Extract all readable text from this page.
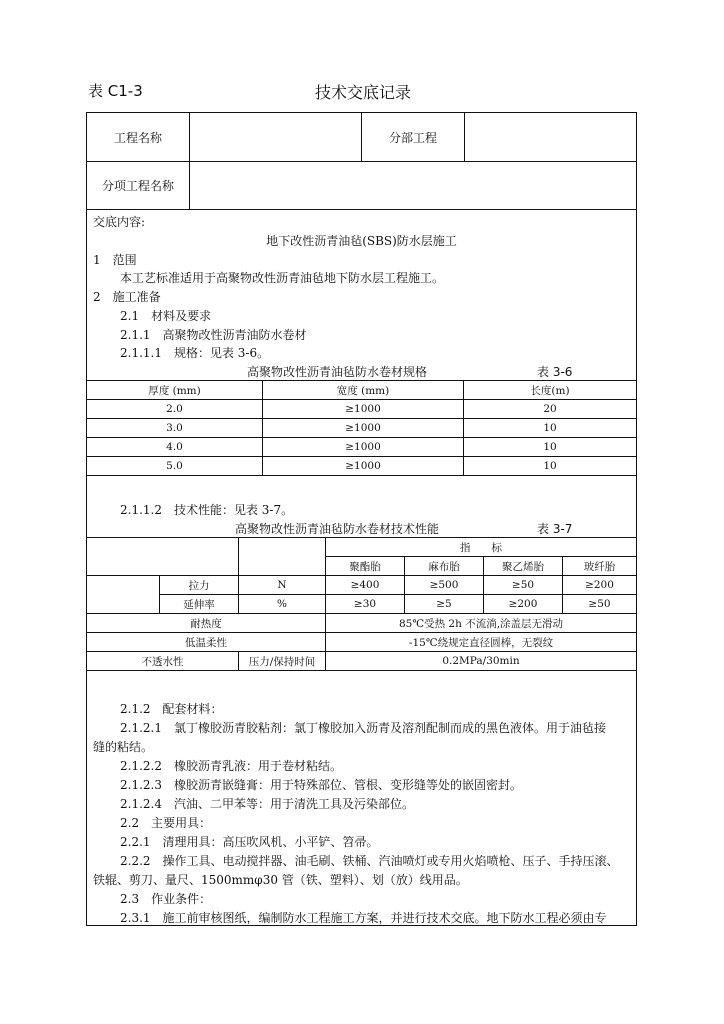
表 C1-3	技术交底记录
工程名称	分部工程
分项工程名称
交底内容:
地下改性沥青油毡(SBS)防水层施工
1　范围
本工艺标准适用于高聚物改性沥青油毡地下防水层工程施工。
2　施工准备
2.1　材料及要求
2.1.1　高聚物改性沥青油防水卷材
2.1.1.1　规格：见表 3-6。
高聚物改性沥青油毡防水卷材规格	表 3-6
厚度 (mm)	宽度 (mm)	长度(m)
2.0	≥1000	20
3.0	≥1000	10
4.0	≥1000	10
5.0	≥1000	10
2.1.1.2　技术性能：见表 3-7。
高聚物改性沥青油毡防水卷材技术性能	表 3-7
			指　　标			
			聚酯胎	麻布胎	聚乙烯胎	玻纤胎
	拉力	N	≥400	≥500	≥50	≥200
	延伸率	%	≥30	≥5	≥200	≥50
耐热度			85℃受热 2h 不流淌,涂盖层无滑动			
低温柔性			-15℃绕规定直径圆棒，无裂纹			
不透水性		压力/保持时间	0.2MPa/30min			
2.1.2　配套材料：
2.1.2.1　氯丁橡胶沥青胶粘剂：氯丁橡胶加入沥青及溶剂配制而成的黑色液体。用于油毡接
缝的粘结。
2.1.2.2　橡胶沥青乳液：用于卷材粘结。
2.1.2.3　橡胶沥青嵌缝膏：用于特殊部位、管根、变形缝等处的嵌固密封。
2.1.2.4　汽油、二甲苯等：用于清洗工具及污染部位。
2.2　主要用具：
2.2.1　清理用具：高压吹风机、小平铲、笤帚。
2.2.2　操作工具、电动搅拌器、油毛刷、铁桶、汽油喷灯或专用火焰喷枪、压子、手持压滚、
铁辊、剪刀、量尺、1500mmφ30 管（铁、塑料）、划（放）线用品。
2.3　作业条件：
2.3.1　施工前审核图纸，编制防水工程施工方案，并进行技术交底。地下防水工程必须由专
